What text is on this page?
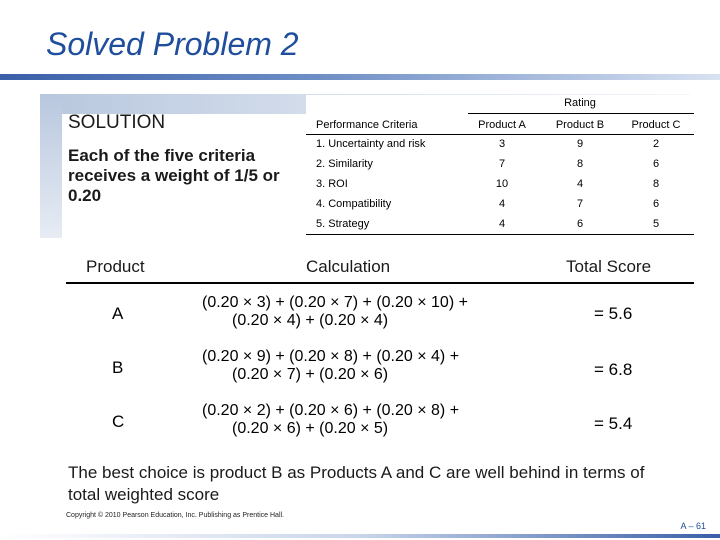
Solved Problem 2
SOLUTION
Each of the five criteria receives a weight of 1/5 or 0.20
Rating
Performance Criteria	Product A	Product B	Product C
1. Uncertainty and risk	3	9	2
2. Similarity	7	8	6
3. ROI	10	4	8
4. Compatibility	4	7	6
5. Strategy	4	6	5
Product	Calculation	Total Score
A
(0.20 × 3) + (0.20 × 7) + (0.20 × 10) +
(0.20 × 4) + (0.20 × 4)	= 5.6
B
(0.20 × 9) + (0.20 × 8) + (0.20 × 4) +
(0.20 × 7) + (0.20 × 6)	= 6.8
C
(0.20 × 2) + (0.20 × 6) + (0.20 × 8) +
(0.20 × 6) + (0.20 × 5)	= 5.4
The best choice is product B as Products A and C are well behind in terms of total weighted score
Copyright © 2010 Pearson Education, Inc. Publishing as Prentice Hall.
A – 61
